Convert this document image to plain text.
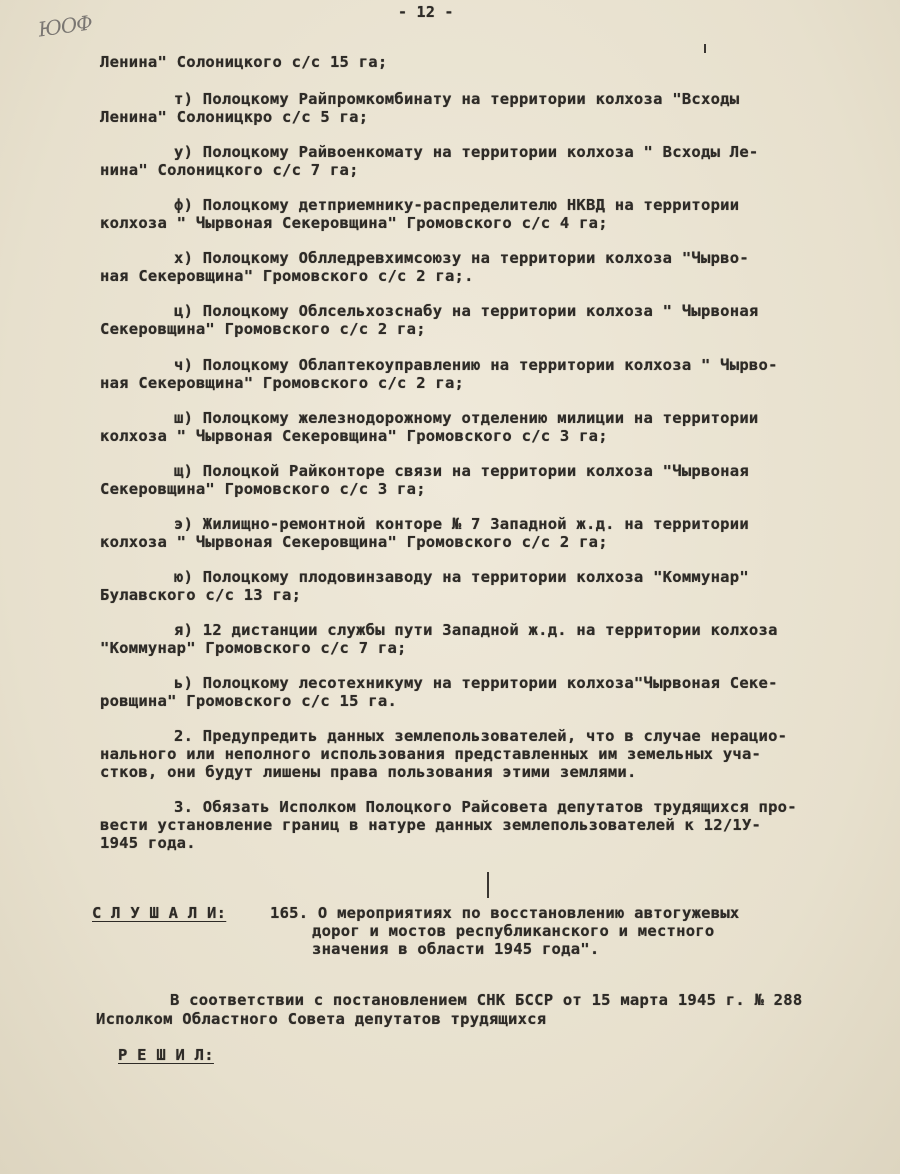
ЮОФ	- 12 -
Ленина" Солоницкого с/с 15 га;
т) Полоцкому Райпромкомбинату на территории колхоза "Всходы
Ленина" Солоницкро с/с 5 га;
у) Полоцкому Райвоенкомату на территории колхоза " Всходы Ле-
нина" Солоницкого с/с 7 га;
ф) Полоцкому детприемнику-распределителю НКВД на территории
колхоза " Чырвоная Секеровщина" Громовского с/с 4 га;
х) Полоцкому Облледревхимсоюзу на территории колхоза "Чырво-
ная Секеровщина" Громовского с/с 2 га;.
ц) Полоцкому Облсельхозснабу на территории колхоза " Чырвоная
Секеровщина" Громовского с/с 2 га;
ч) Полоцкому Облаптекоуправлению на территории колхоза " Чырво-
ная Секеровщина" Громовского с/с 2 га;
ш) Полоцкому железнодорожному отделению милиции на территории
колхоза " Чырвоная Секеровщина" Громовского с/с 3 га;
щ) Полоцкой Райконторе связи на территории колхоза "Чырвоная
Секеровщина" Громовского с/с 3 га;
э) Жилищно-ремонтной конторе № 7 Западной ж.д. на территории
колхоза " Чырвоная Секеровщина" Громовского с/с 2 га;
ю) Полоцкому плодовинзаводу на территории колхоза "Коммунар"
Булавского с/с 13 га;
я) 12 дистанции службы пути Западной ж.д. на территории колхоза
"Коммунар" Громовского с/с 7 га;
ь) Полоцкому лесотехникуму на территории колхоза"Чырвоная Секе-
ровщина" Громовского с/с 15 га.
2. Предупредить данных землепользователей, что в случае нерацио-
нального или неполного использования представленных им земельных уча-
стков, они будут лишены права пользования этими землями.
3. Обязать Исполком Полоцкого Райсовета депутатов трудящихся про-
вести установление границ в натуре данных землепользователей к 12/1У-
1945 года.
С Л У Ш А Л И:	165. О мероприятиях по восстановлению автогужевых
дорог и мостов республиканского и местного
значения в области 1945 года".
В соответствии с постановлением СНК БССР от 15 марта 1945 г. № 288
Исполком Областного Совета депутатов трудящихся
Р Е Ш И Л:
